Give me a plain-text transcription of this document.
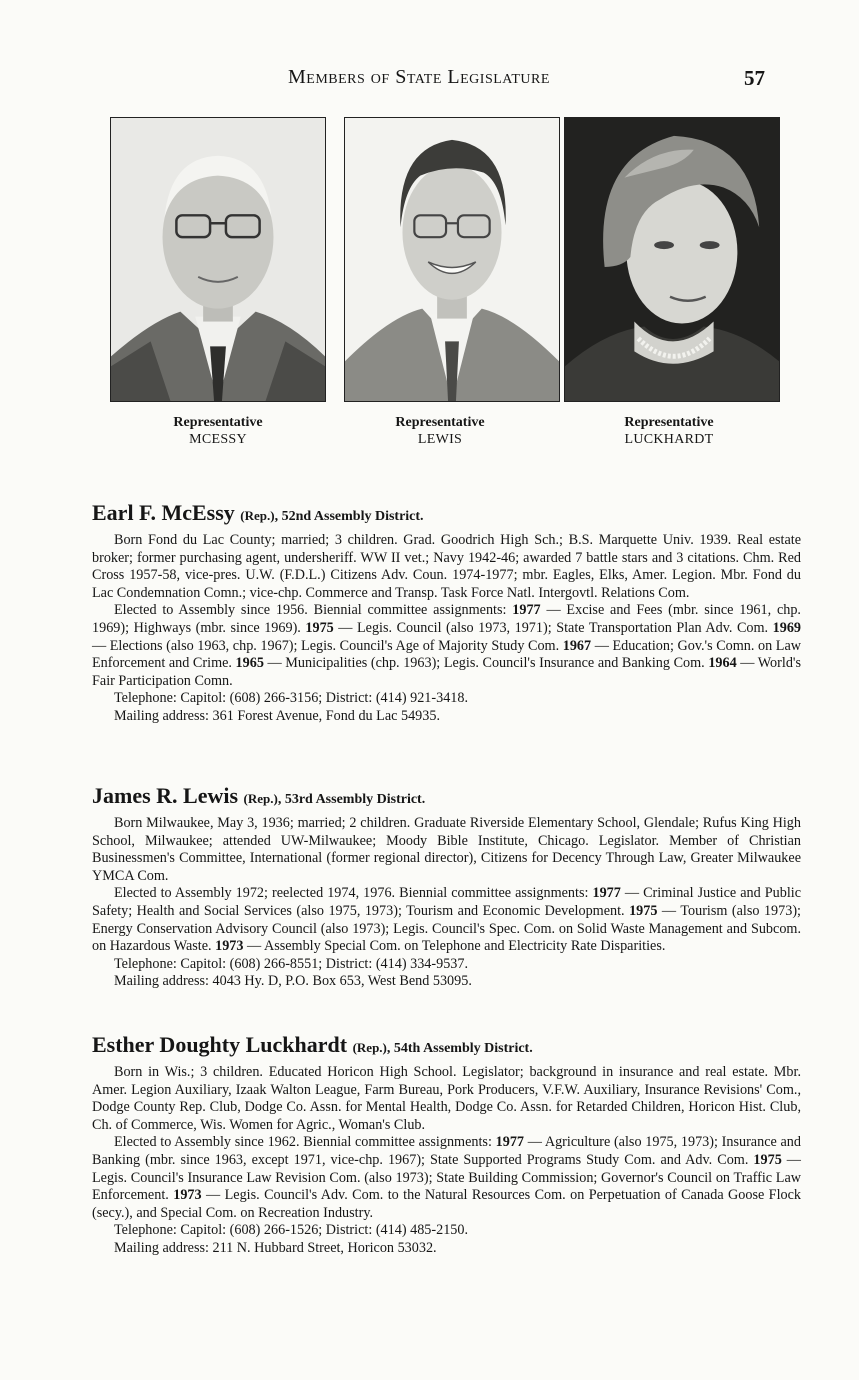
Members of State Legislature	57
Representative
MCESSY
Representative
LEWIS
Representative
LUCKHARDT
Earl F. McEssy (Rep.), 52nd Assembly District.

Born Fond du Lac County; married; 3 children. Grad. Goodrich High Sch.; B.S. Marquette Univ. 1939. Real estate broker; former purchasing agent, undersheriff. WW II vet.; Navy 1942-46; awarded 7 battle stars and 3 citations. Chm. Red Cross 1957-58, vice-pres. U.W. (F.D.L.) Citizens Adv. Coun. 1974-1977; mbr. Eagles, Elks, Amer. Legion. Mbr. Fond du Lac Condemnation Comn.; vice-chp. Commerce and Transp. Task Force Natl. Intergovtl. Relations Com.

Elected to Assembly since 1956. Biennial committee assignments: 1977 — Excise and Fees (mbr. since 1961, chp. 1969); Highways (mbr. since 1969). 1975 — Legis. Council (also 1973, 1971); State Transportation Plan Adv. Com. 1969 — Elections (also 1963, chp. 1967); Legis. Council's Age of Majority Study Com. 1967 — Education; Gov.'s Comn. on Law Enforcement and Crime. 1965 — Municipalities (chp. 1963); Legis. Council's Insurance and Banking Com. 1964 — World's Fair Participation Comn.

Telephone: Capitol: (608) 266-3156; District: (414) 921-3418.

Mailing address: 361 Forest Avenue, Fond du Lac 54935.

James R. Lewis (Rep.), 53rd Assembly District.

Born Milwaukee, May 3, 1936; married; 2 children. Graduate Riverside Elementary School, Glendale; Rufus King High School, Milwaukee; attended UW-Milwaukee; Moody Bible Institute, Chicago. Legislator. Member of Christian Businessmen's Committee, International (former regional director), Citizens for Decency Through Law, Greater Milwaukee YMCA Com.

Elected to Assembly 1972; reelected 1974, 1976. Biennial committee assignments: 1977 — Criminal Justice and Public Safety; Health and Social Services (also 1975, 1973); Tourism and Economic Development. 1975 — Tourism (also 1973); Energy Conservation Advisory Council (also 1973); Legis. Council's Spec. Com. on Solid Waste Management and Subcom. on Hazardous Waste. 1973 — Assembly Special Com. on Telephone and Electricity Rate Disparities.

Telephone: Capitol: (608) 266-8551; District: (414) 334-9537.

Mailing address: 4043 Hy. D, P.O. Box 653, West Bend 53095.

Esther Doughty Luckhardt (Rep.), 54th Assembly District.

Born in Wis.; 3 children. Educated Horicon High School. Legislator; background in insurance and real estate. Mbr. Amer. Legion Auxiliary, Izaak Walton League, Farm Bureau, Pork Producers, V.F.W. Auxiliary, Insurance Revisions' Com., Dodge County Rep. Club, Dodge Co. Assn. for Mental Health, Dodge Co. Assn. for Retarded Children, Horicon Hist. Club, Ch. of Commerce, Wis. Women for Agric., Woman's Club.

Elected to Assembly since 1962. Biennial committee assignments: 1977 — Agriculture (also 1975, 1973); Insurance and Banking (mbr. since 1963, except 1971, vice-chp. 1967); State Supported Programs Study Com. and Adv. Com. 1975 — Legis. Council's Insurance Law Revision Com. (also 1973); State Building Commission; Governor's Council on Traffic Law Enforcement. 1973 — Legis. Council's Adv. Com. to the Natural Resources Com. on Perpetuation of Canada Goose Flock (secy.), and Special Com. on Recreation Industry.

Telephone: Capitol: (608) 266-1526; District: (414) 485-2150.

Mailing address: 211 N. Hubbard Street, Horicon 53032.
